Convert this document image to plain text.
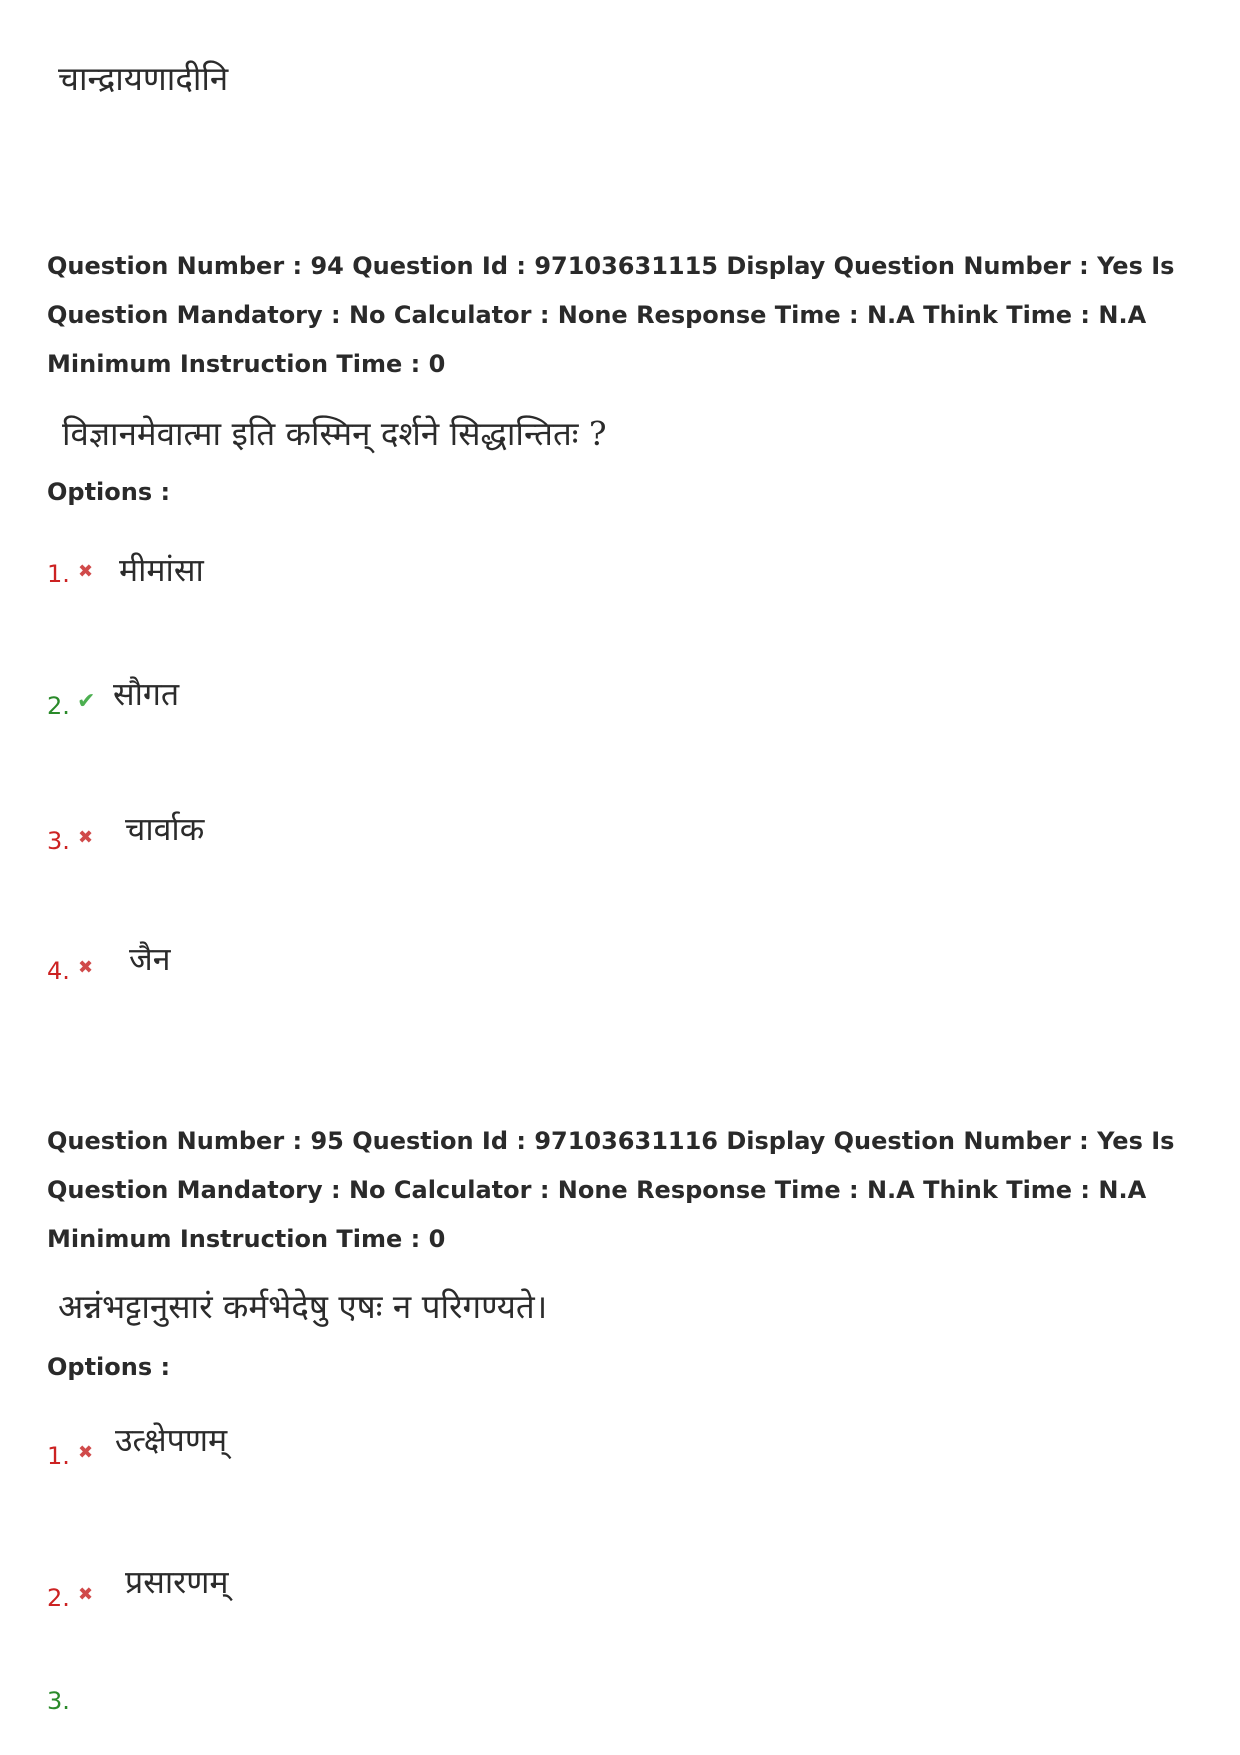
चान्द्रायणादीनि

Question Number : 94 Question Id : 97103631115 Display Question Number : Yes Is Question Mandatory : No Calculator : None Response Time : N.A Think Time : N.A Minimum Instruction Time : 0

विज्ञानमेवात्मा इति कस्मिन् दर्शने सिद्धान्तितः ?
Options :
1. ✖ मीमांसा
2. ✔ सौगत
3. ✖ चार्वाक
4. ✖ जैन

Question Number : 95 Question Id : 97103631116 Display Question Number : Yes Is Question Mandatory : No Calculator : None Response Time : N.A Think Time : N.A Minimum Instruction Time : 0

अन्नंभट्टानुसारं कर्मभेदेषु एषः न परिगण्यते।
Options :
1. ✖ उत्क्षेपणम्
2. ✖ प्रसारणम्
3.
